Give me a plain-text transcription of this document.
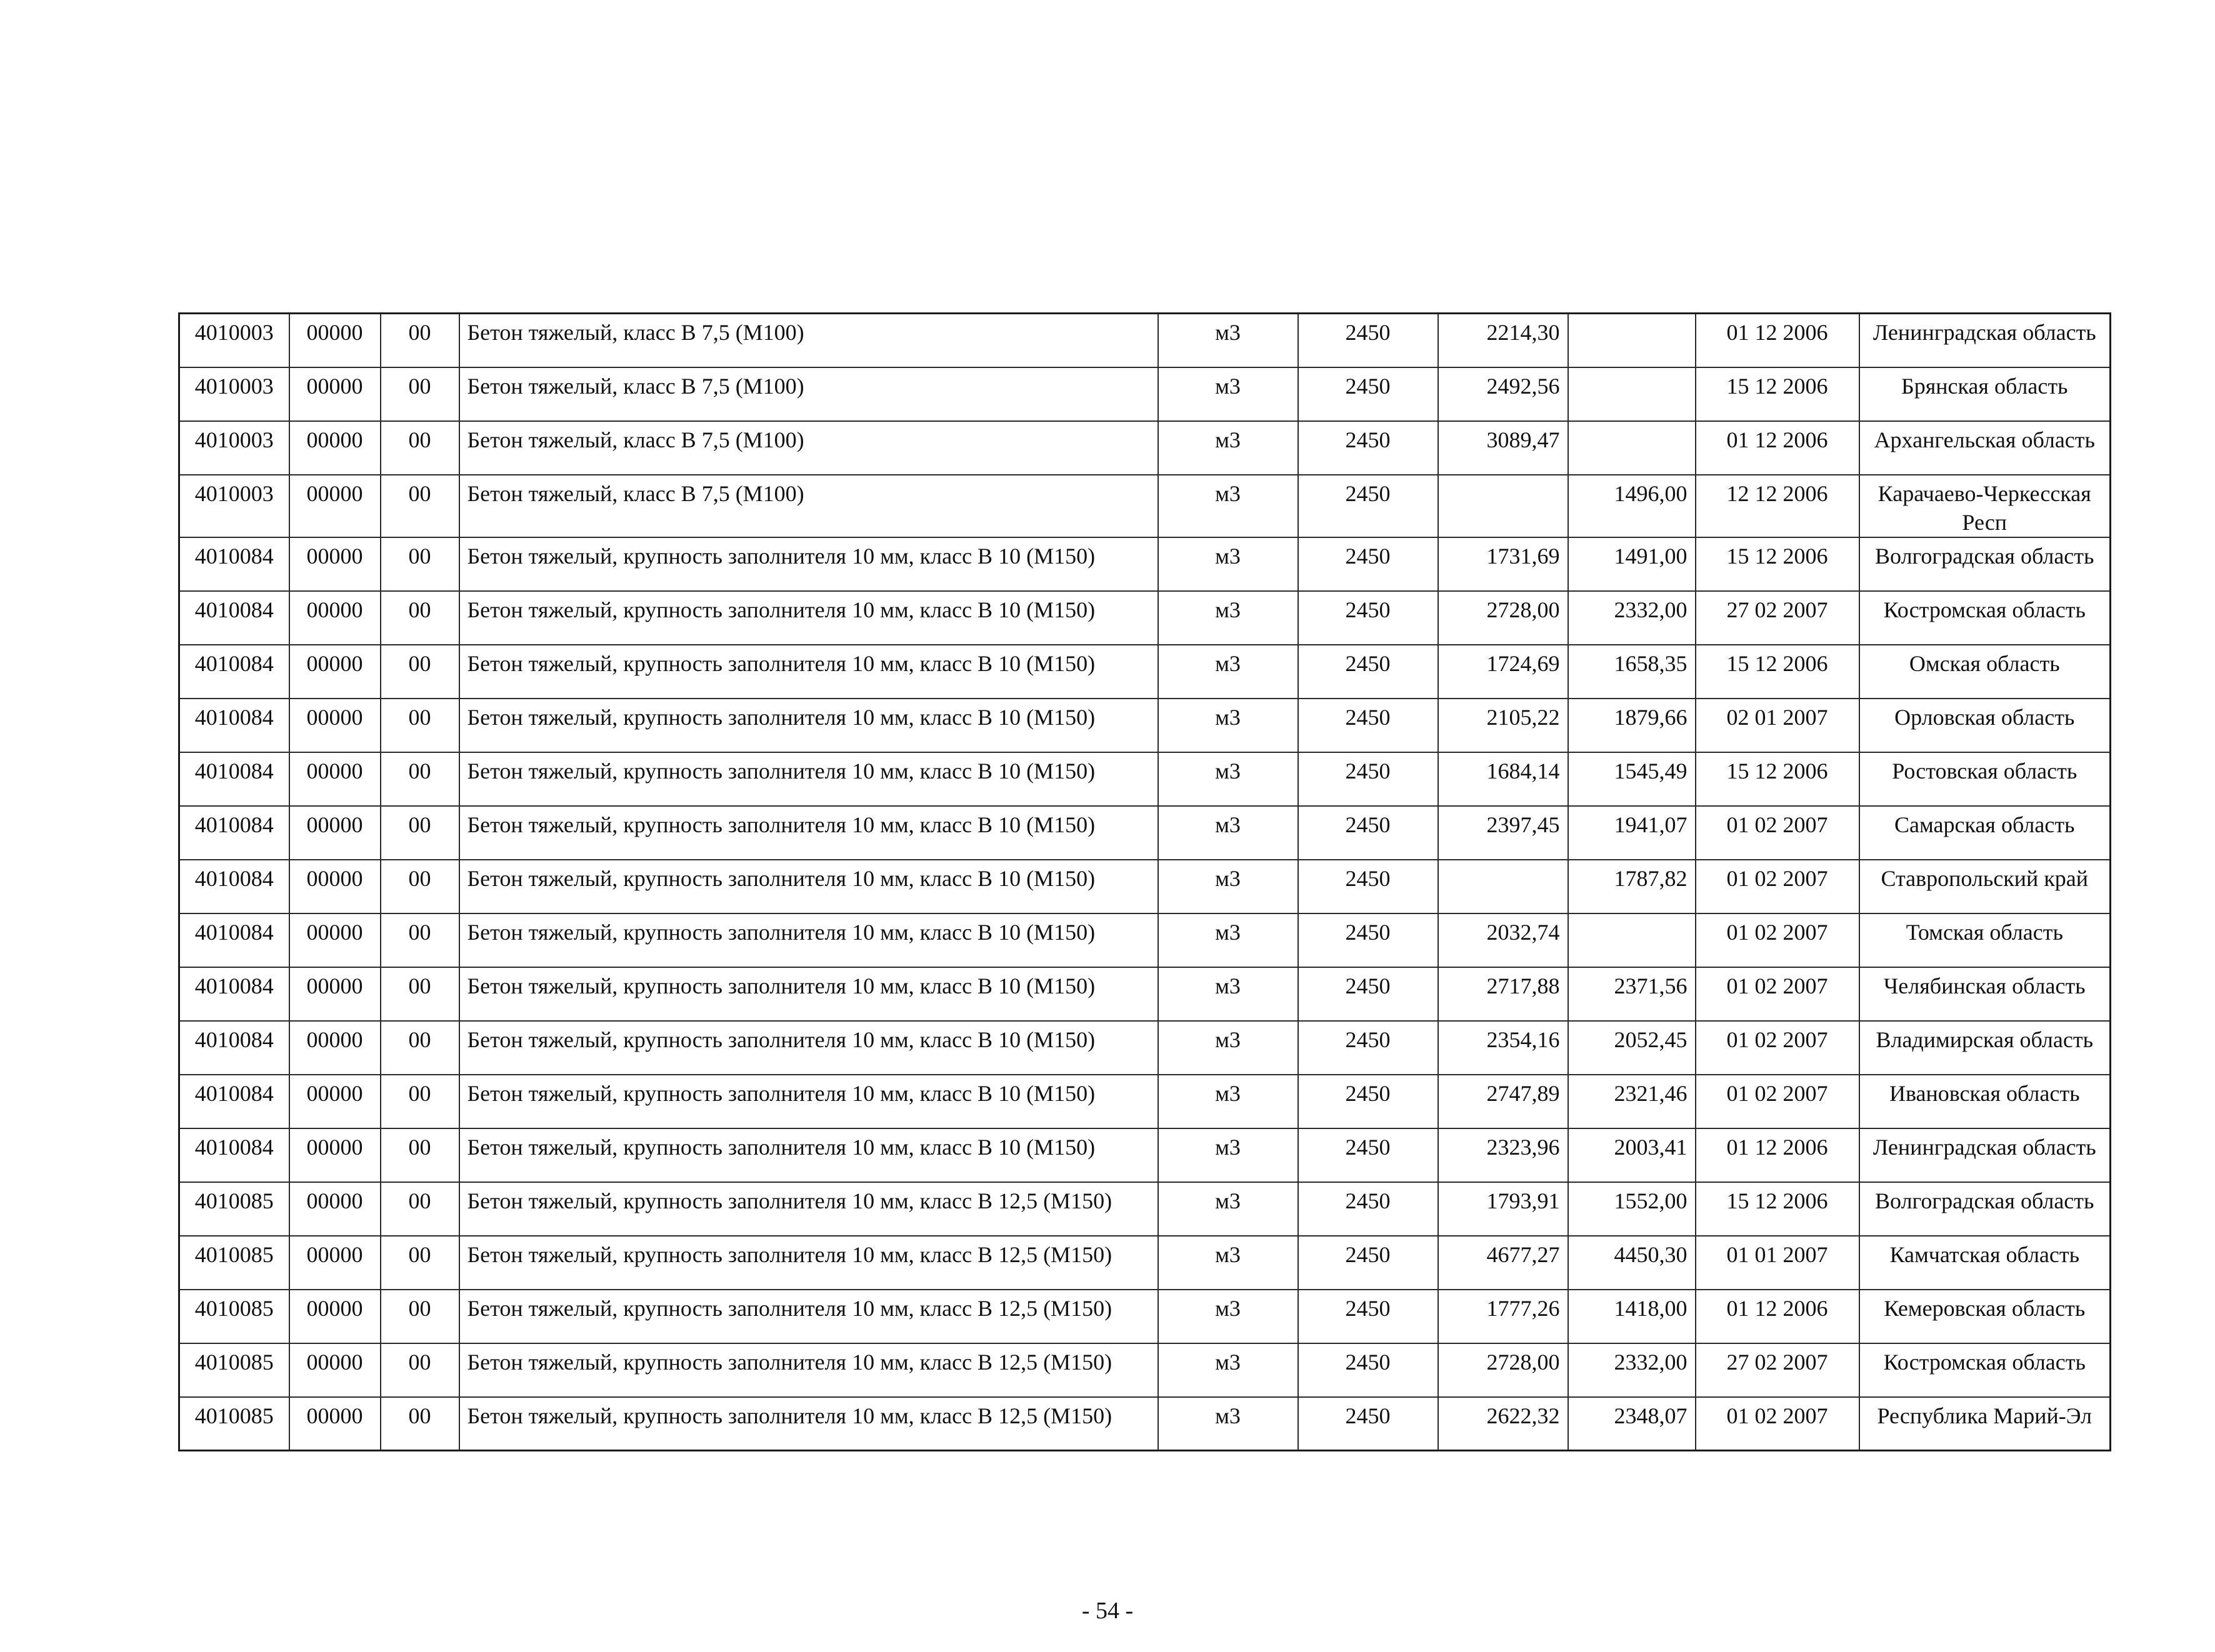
4010003	00000	00	Бетон тяжелый, класс В 7,5 (М100)	м3	2450	2214,30		01 12 2006	Ленинградская область
4010003	00000	00	Бетон тяжелый, класс В 7,5 (М100)	м3	2450	2492,56		15 12 2006	Брянская область
4010003	00000	00	Бетон тяжелый, класс В 7,5 (М100)	м3	2450	3089,47		01 12 2006	Архангельская область
4010003	00000	00	Бетон тяжелый, класс В 7,5 (М100)	м3	2450		1496,00	12 12 2006	Карачаево-Черкесская Респ
4010084	00000	00	Бетон тяжелый, крупность заполнителя 10 мм, класс В 10 (М150)	м3	2450	1731,69	1491,00	15 12 2006	Волгоградская область
4010084	00000	00	Бетон тяжелый, крупность заполнителя 10 мм, класс В 10 (М150)	м3	2450	2728,00	2332,00	27 02 2007	Костромская область
4010084	00000	00	Бетон тяжелый, крупность заполнителя 10 мм, класс В 10 (М150)	м3	2450	1724,69	1658,35	15 12 2006	Омская область
4010084	00000	00	Бетон тяжелый, крупность заполнителя 10 мм, класс В 10 (М150)	м3	2450	2105,22	1879,66	02 01 2007	Орловская область
4010084	00000	00	Бетон тяжелый, крупность заполнителя 10 мм, класс В 10 (М150)	м3	2450	1684,14	1545,49	15 12 2006	Ростовская область
4010084	00000	00	Бетон тяжелый, крупность заполнителя 10 мм, класс В 10 (М150)	м3	2450	2397,45	1941,07	01 02 2007	Самарская область
4010084	00000	00	Бетон тяжелый, крупность заполнителя 10 мм, класс В 10 (М150)	м3	2450		1787,82	01 02 2007	Ставропольский край
4010084	00000	00	Бетон тяжелый, крупность заполнителя 10 мм, класс В 10 (М150)	м3	2450	2032,74		01 02 2007	Томская область
4010084	00000	00	Бетон тяжелый, крупность заполнителя 10 мм, класс В 10 (М150)	м3	2450	2717,88	2371,56	01 02 2007	Челябинская область
4010084	00000	00	Бетон тяжелый, крупность заполнителя 10 мм, класс В 10 (М150)	м3	2450	2354,16	2052,45	01 02 2007	Владимирская область
4010084	00000	00	Бетон тяжелый, крупность заполнителя 10 мм, класс В 10 (М150)	м3	2450	2747,89	2321,46	01 02 2007	Ивановская область
4010084	00000	00	Бетон тяжелый, крупность заполнителя 10 мм, класс В 10 (М150)	м3	2450	2323,96	2003,41	01 12 2006	Ленинградская область
4010085	00000	00	Бетон тяжелый, крупность заполнителя 10 мм, класс В 12,5 (М150)	м3	2450	1793,91	1552,00	15 12 2006	Волгоградская область
4010085	00000	00	Бетон тяжелый, крупность заполнителя 10 мм, класс В 12,5 (М150)	м3	2450	4677,27	4450,30	01 01 2007	Камчатская область
4010085	00000	00	Бетон тяжелый, крупность заполнителя 10 мм, класс В 12,5 (М150)	м3	2450	1777,26	1418,00	01 12 2006	Кемеровская область
4010085	00000	00	Бетон тяжелый, крупность заполнителя 10 мм, класс В 12,5 (М150)	м3	2450	2728,00	2332,00	27 02 2007	Костромская область
4010085	00000	00	Бетон тяжелый, крупность заполнителя 10 мм, класс В 12,5 (М150)	м3	2450	2622,32	2348,07	01 02 2007	Республика Марий-Эл
- 54 -
